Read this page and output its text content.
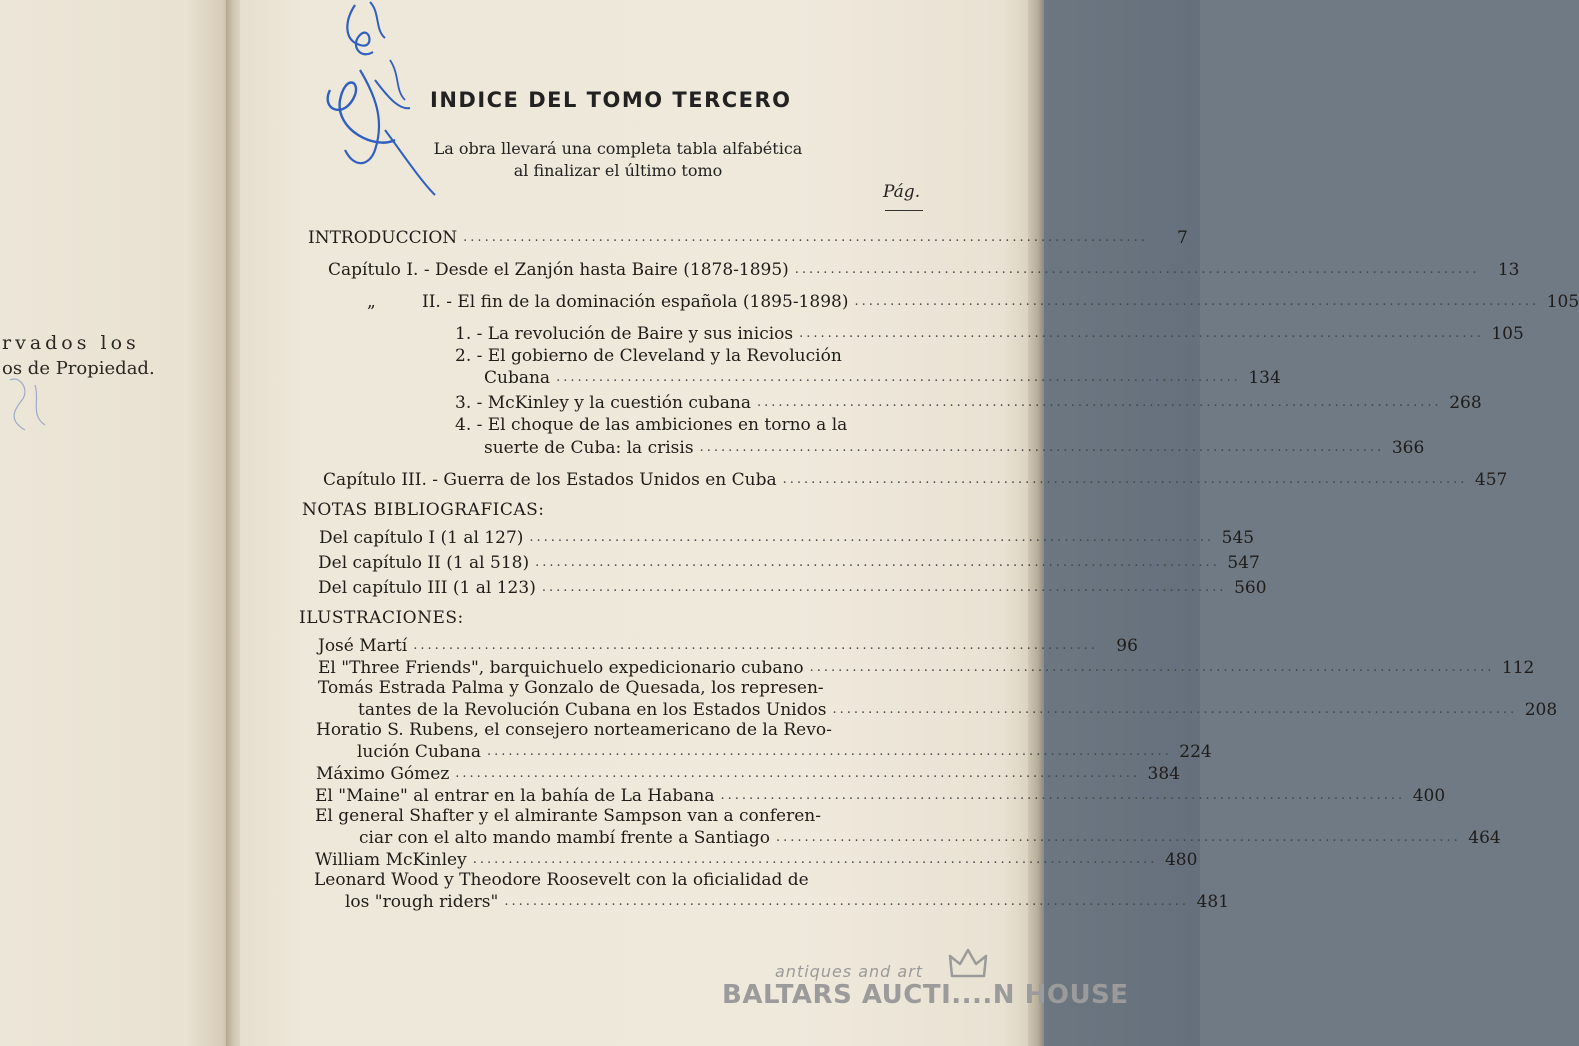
rvados los
os de Propiedad.
INDICE DEL TOMO TERCERO
La obra llevará una completa tabla alfabética
al finalizar el último tomo
Pág.
INTRODUCCION ................................................................................................	7
Capítulo I. - Desde el Zanjón hasta Baire (1878-1895) ................................................................................................	13
„	II. - El fin de la dominación española (1895-1898) ................................................................................................ 105
1. - La revolución de Baire y sus inicios ................................................................................................ 105
2. - El gobierno de Cleveland y la Revolución
Cubana ................................................................................................ 134
3. - McKinley y la cuestión cubana ................................................................................................ 268
4. - El choque de las ambiciones en torno a la
suerte de Cuba: la crisis ................................................................................................ 366
Capítulo III. - Guerra de los Estados Unidos en Cuba ................................................................................................ 457
NOTAS BIBLIOGRAFICAS:
Del capítulo I (1 al 127) ................................................................................................ 545
Del capítulo II (1 al 518) ................................................................................................ 547
Del capítulo III (1 al 123) ................................................................................................ 560
ILUSTRACIONES:
José Martí ................................................................................................	96
El "Three Friends", barquichuelo expedicionario cubano ................................................................................................ 112
Tomás Estrada Palma y Gonzalo de Quesada, los represen-
tantes de la Revolución Cubana en los Estados Unidos ................................................................................................ 208
Horatio S. Rubens, el consejero norteamericano de la Revo-
lución Cubana ................................................................................................ 224
Máximo Gómez ................................................................................................ 384
El "Maine" al entrar en la bahía de La Habana ................................................................................................ 400
El general Shafter y el almirante Sampson van a conferen-
ciar con el alto mando mambí frente a Santiago ................................................................................................ 464
William McKinley ................................................................................................ 480
Leonard Wood y Theodore Roosevelt con la oficialidad de
los "rough riders" ................................................................................................ 481
antiques and art
BALTARS AUCTI....N HOUSE
